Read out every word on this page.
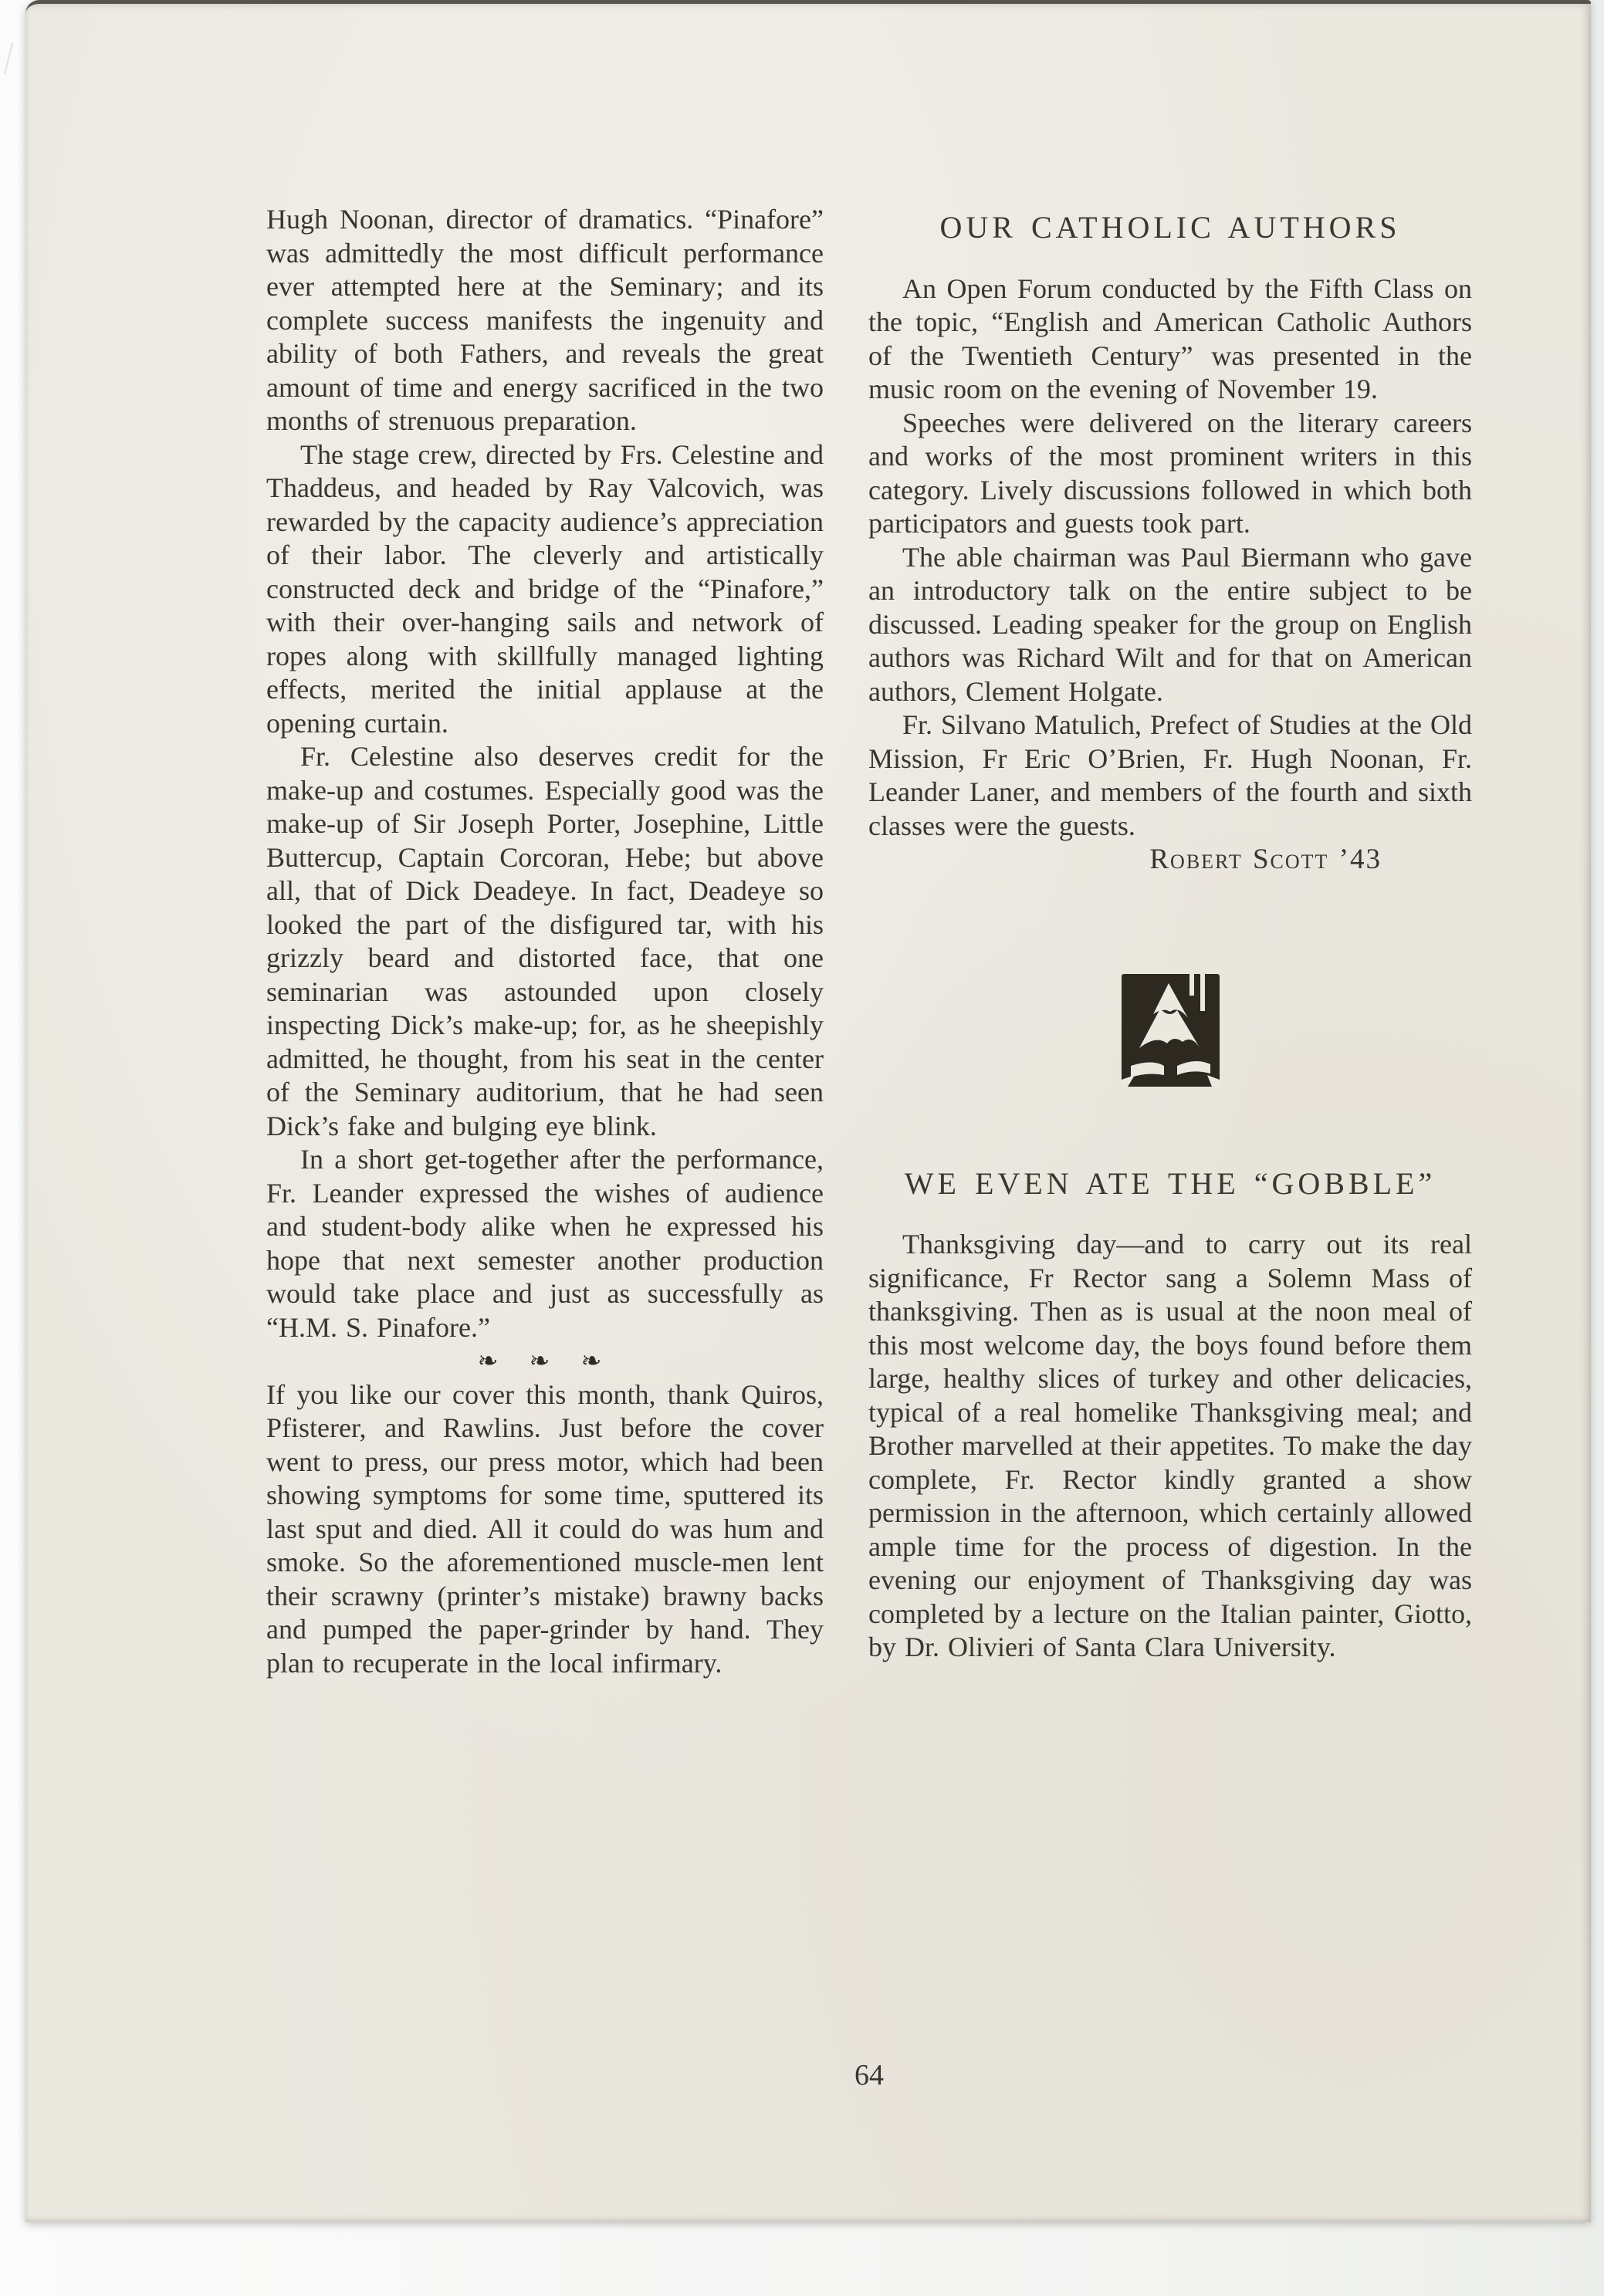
Hugh Noonan, director of dramatics. “Pinafore” was admittedly the most difficult performance ever attempted here at the Seminary; and its complete success manifests the ingenuity and ability of both Fathers, and reveals the great amount of time and energy sacrificed in the two months of strenuous preparation.

The stage crew, directed by Frs. Celestine and Thaddeus, and headed by Ray Valcovich, was rewarded by the capacity audience’s appreciation of their labor. The cleverly and artistically constructed deck and bridge of the “Pinafore,” with their over-hanging sails and network of ropes along with skillfully managed lighting effects, merited the initial applause at the opening curtain.

Fr. Celestine also deserves credit for the make-up and costumes. Especially good was the make-up of Sir Joseph Porter, Josephine, Little Buttercup, Captain Corcoran, Hebe; but above all, that of Dick Deadeye. In fact, Deadeye so looked the part of the disfigured tar, with his grizzly beard and distorted face, that one seminarian was astounded upon closely inspecting Dick’s make-up; for, as he sheepishly admitted, he thought, from his seat in the center of the Seminary auditorium, that he had seen Dick’s fake and bulging eye blink.

In a short get-together after the performance, Fr. Leander expressed the wishes of audience and student-body alike when he expressed his hope that next semester another production would take place and just as successfully as “H.M. S. Pinafore.”

❧ ❧ ❧

If you like our cover this month, thank Quiros, Pfisterer, and Rawlins. Just before the cover went to press, our press motor, which had been showing symptoms for some time, sputtered its last sput and died. All it could do was hum and smoke. So the aforementioned muscle-men lent their scrawny (printer’s mistake) brawny backs and pumped the paper-grinder by hand. They plan to recuperate in the local infirmary.

OUR CATHOLIC AUTHORS

An Open Forum conducted by the Fifth Class on the topic, “English and American Catholic Authors of the Twentieth Century” was presented in the music room on the evening of November 19.

Speeches were delivered on the literary careers and works of the most prominent writers in this category. Lively discussions followed in which both participators and guests took part.

The able chairman was Paul Biermann who gave an introductory talk on the entire subject to be discussed. Leading speaker for the group on English authors was Richard Wilt and for that on American authors, Clement Holgate.

Fr. Silvano Matulich, Prefect of Studies at the Old Mission, Fr Eric O’Brien, Fr. Hugh Noonan, Fr. Leander Laner, and members of the fourth and sixth classes were the guests.

Robert Scott ’43

WE EVEN ATE THE “GOBBLE”

Thanksgiving day—and to carry out its real significance, Fr Rector sang a Solemn Mass of thanksgiving. Then as is usual at the noon meal of this most welcome day, the boys found before them large, healthy slices of turkey and other delicacies, typical of a real homelike Thanksgiving meal; and Brother marvelled at their appetites. To make the day complete, Fr. Rector kindly granted a show permission in the afternoon, which certainly allowed ample time for the process of digestion. In the evening our enjoyment of Thanksgiving day was completed by a lecture on the Italian painter, Giotto, by Dr. Olivieri of Santa Clara University.

64
